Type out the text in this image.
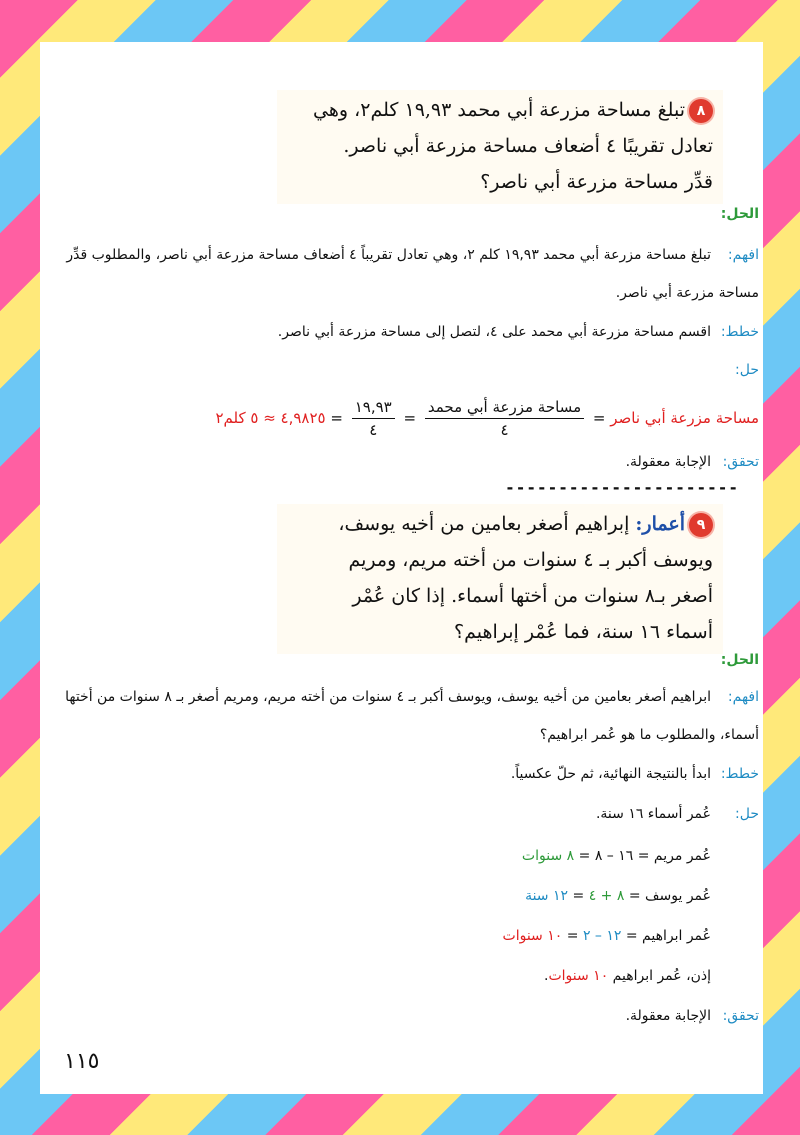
٨تبلغ مساحة مزرعة أبي محمد ١٩,٩٣ كلم٢، وهي
تعادل تقريبًا ٤ أضعاف مساحة مزرعة أبي ناصر.
قدِّر مساحة مزرعة أبي ناصر؟
الحل:
افهم:تبلغ مساحة مزرعة أبي محمد ١٩,٩٣ كلم ٢، وهي تعادل تقريباً ٤ أضعاف مساحة مزرعة أبي ناصر، والمطلوب قدِّر مساحة مزرعة أبي ناصر.
خطط:اقسم مساحة مزرعة أبي محمد على ٤، لتصل إلى مساحة مزرعة أبي ناصر.
حل:
مساحة مزرعة أبي ناصر =
$\frac{\text{مساحة مزرعة أبي محمد}}{٤}$
=
$\frac{١٩,٩٣}{٤}$
= ٤,٩٨٢٥ ≈ ٥ كلم٢
تحقق:الإجابة معقولة.
----------------------
٩أعمار: إبراهيم أصغر بعامين من أخيه يوسف،
ويوسف أكبر بـ ٤ سنوات من أخته مريم، ومريم
أصغر بـ٨ سنوات من أختها أسماء. إذا كان عُمْر
أسماء ١٦ سنة، فما عُمْر إبراهيم؟
الحل:
افهم:ابراهيم أصغر بعامين من أخيه يوسف، ويوسف أكبر بـ ٤ سنوات من أخته مريم، ومريم أصغر بـ ٨ سنوات من أختها أسماء، والمطلوب ما هو عُمر ابراهيم؟
خطط:ابدأ بالنتيجة النهائية، ثم حلّ عكسياً.
حل:عُمر أسماء ١٦ سنة.
عُمر مريم = ١٦ – ٨ = ٨ سنوات
عُمر يوسف = ٨ + ٤ = ١٢ سنة
عُمر ابراهيم = ١٢ – ٢ = ١٠ سنوات
إذن، عُمر ابراهيم ١٠ سنوات.
تحقق:الإجابة معقولة.
١١٥
